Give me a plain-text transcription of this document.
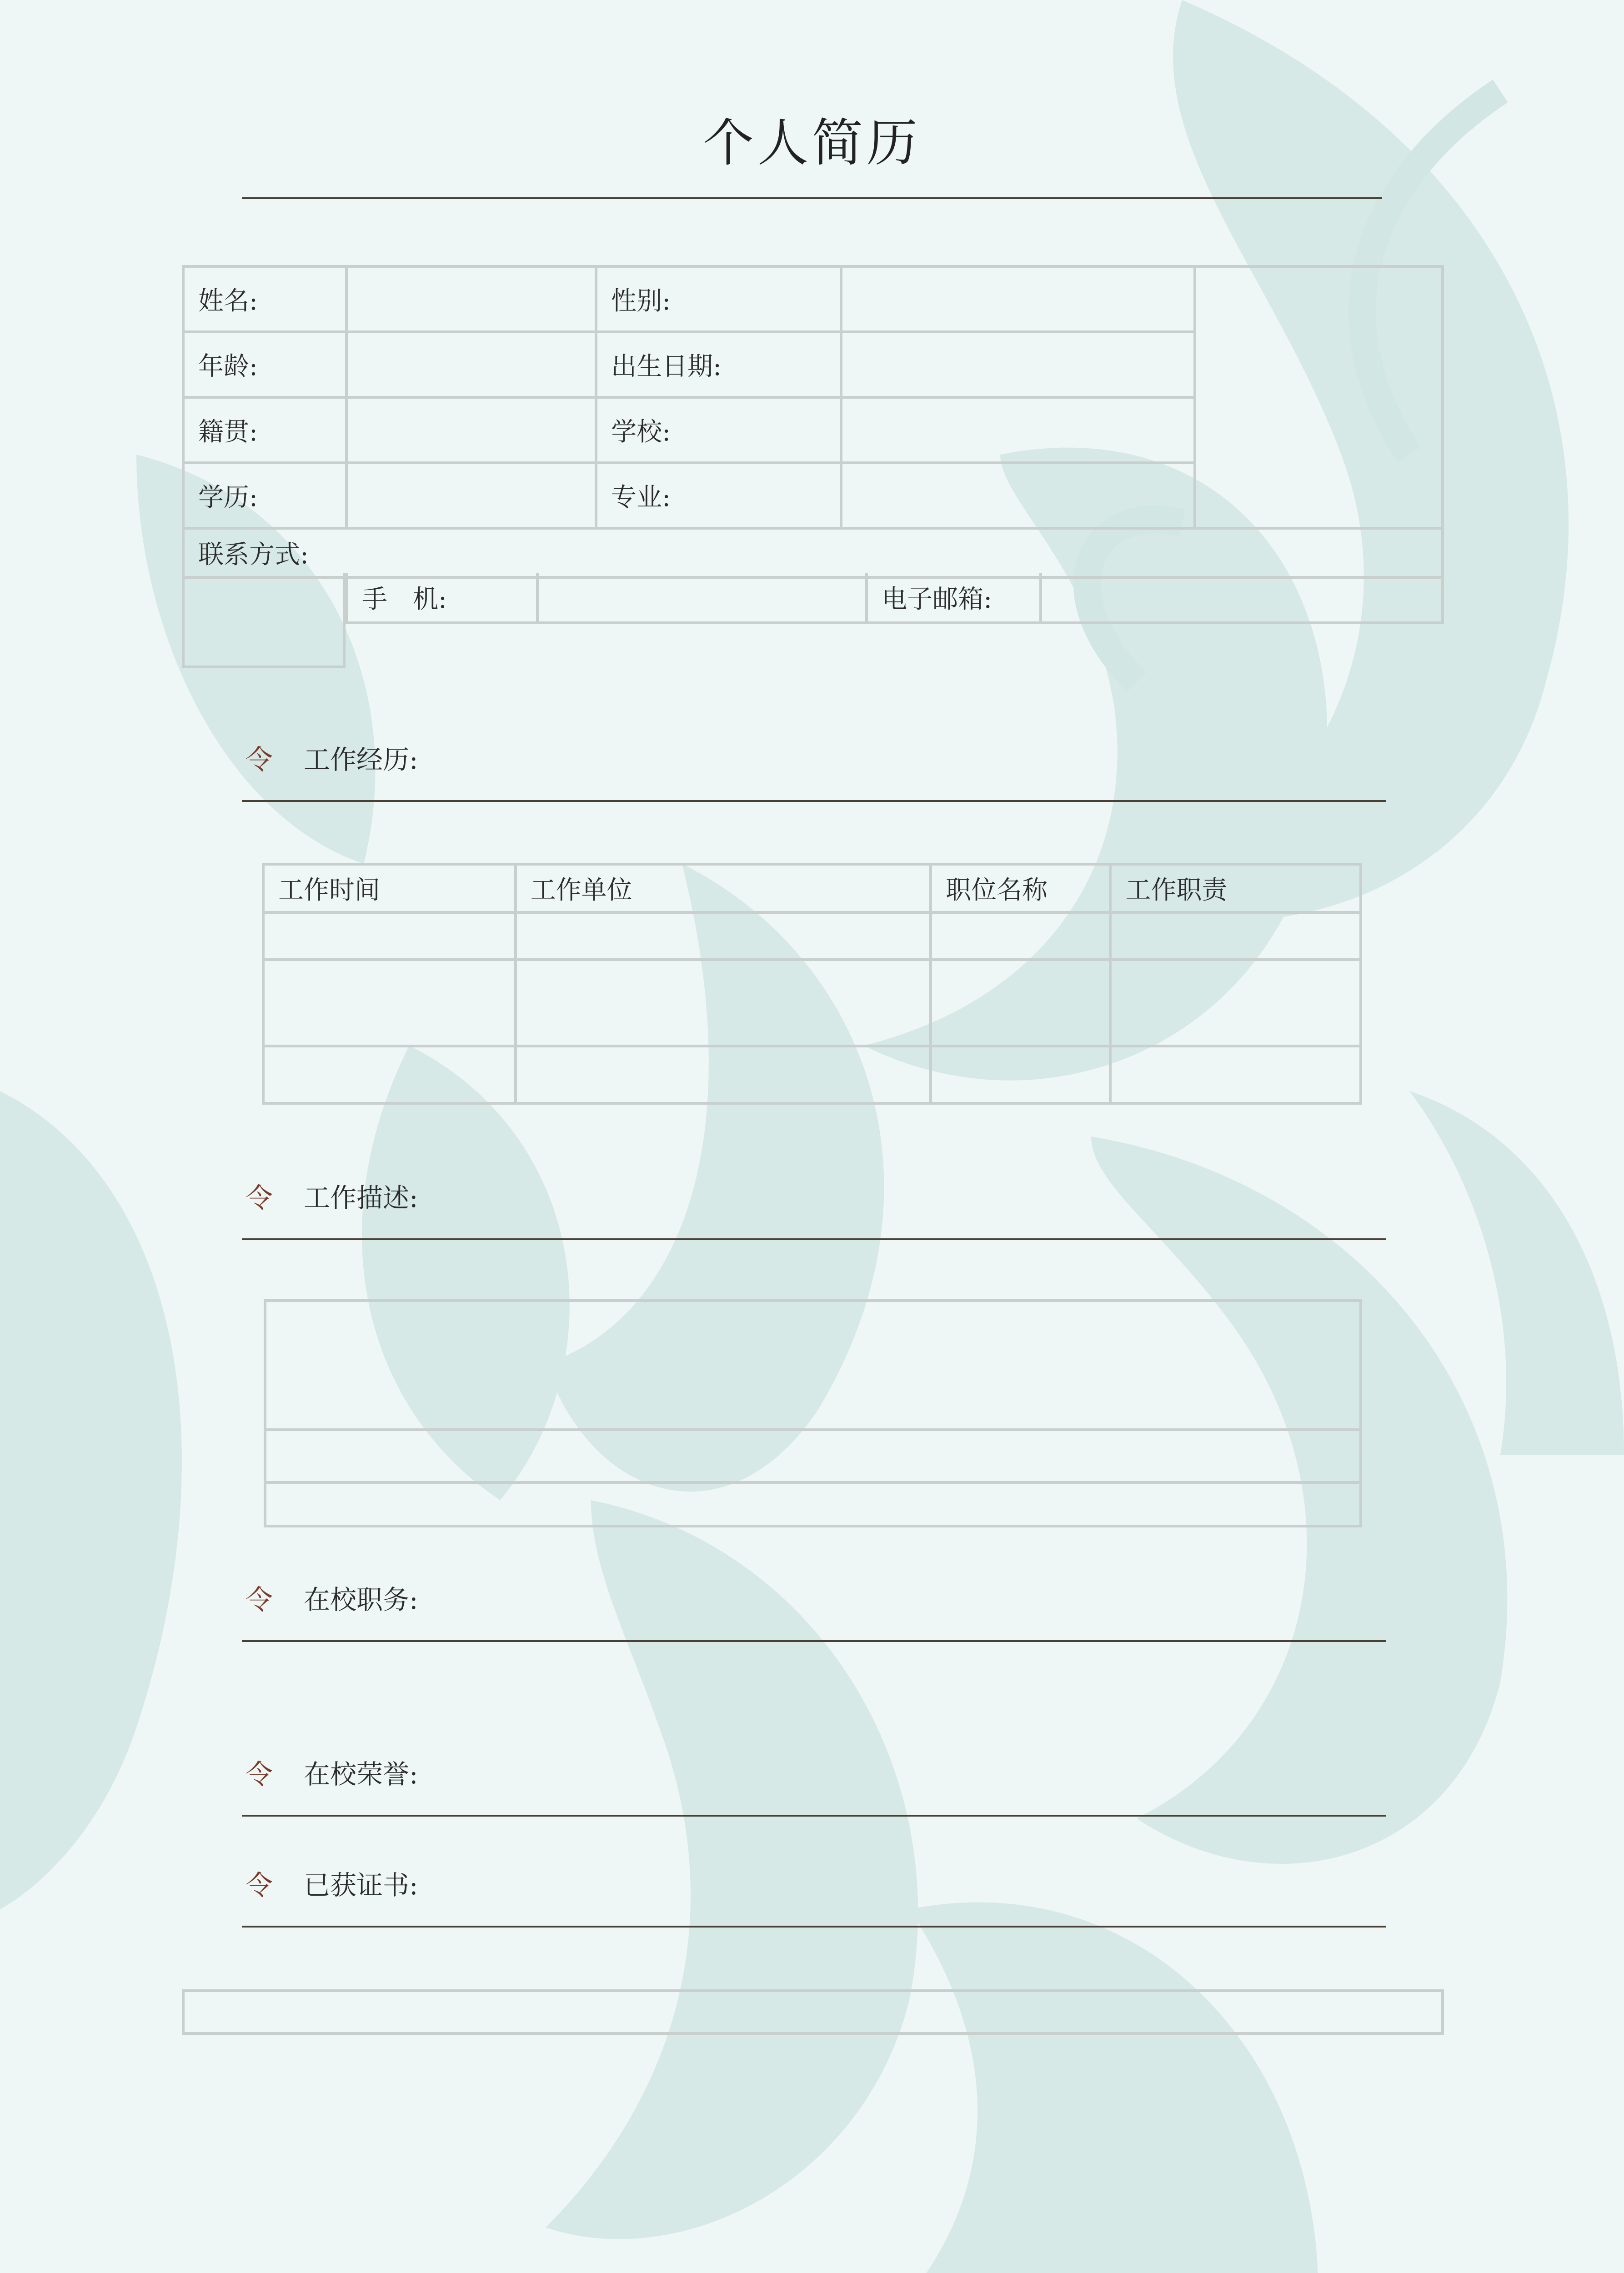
个人简历
姓名:		性别:		
年龄:		出生日期:		
籍贯:		学校:		
学历:		专业:		
联系方式:				
手　机:		电子邮箱:	
令 工作经历:
工作时间	工作单位	职位名称	工作职责

令 工作描述:

令 在校职务:
令 在校荣誉:
令 已获证书:
